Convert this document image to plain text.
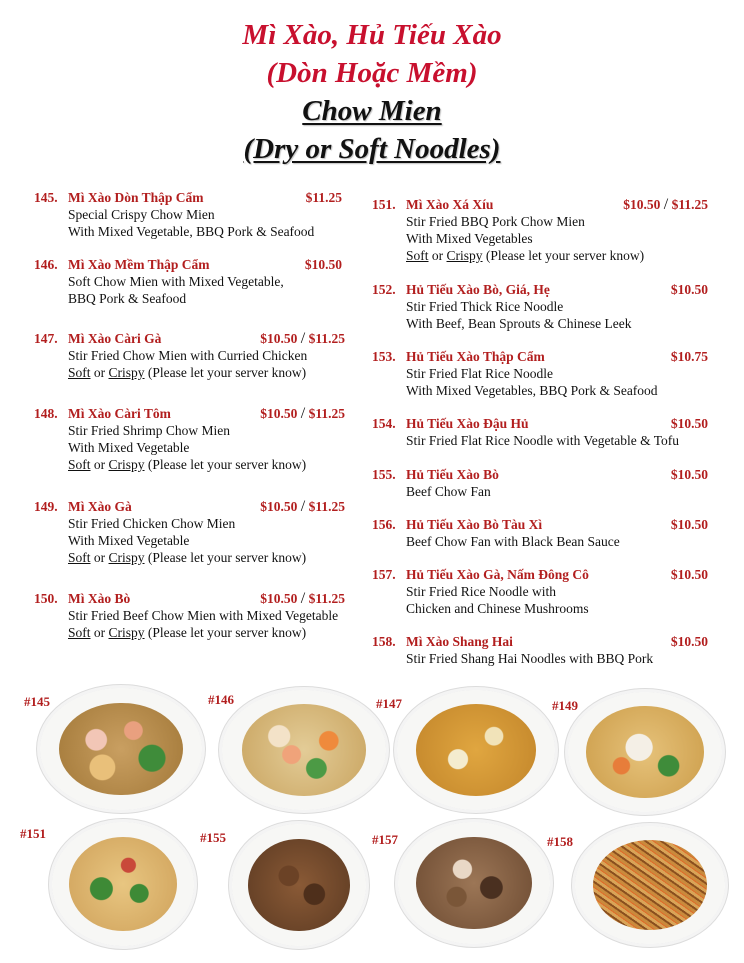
Mì Xào, Hủ Tiếu Xào
(Dòn Hoặc Mềm)
Chow Mien
(Dry or Soft Noodles)
145. Mì Xào Dòn Thập Cẩm	$11.25
Special Crispy Chow Mien
With Mixed Vegetable, BBQ Pork & Seafood
146. Mì Xào Mềm Thập Cẩm	$10.50
Soft Chow Mien with Mixed Vegetable,
BBQ Pork & Seafood
147. Mì Xào Càri Gà	$10.50 / $11.25
Stir Fried Chow Mien with Curried Chicken
Soft or Crispy (Please let your server know)
148. Mì Xào Càri Tôm	$10.50 / $11.25
Stir Fried Shrimp Chow Mien
With Mixed Vegetable
Soft or Crispy (Please let your server know)
149. Mì Xào Gà	$10.50 / $11.25
Stir Fried Chicken Chow Mien
With Mixed Vegetable
Soft or Crispy (Please let your server know)
150. Mì Xào Bò	$10.50 / $11.25
Stir Fried Beef Chow Mien with Mixed Vegetable
Soft or Crispy (Please let your server know)
151. Mì Xào Xá Xíu	$10.50 / $11.25
Stir Fried BBQ Pork Chow Mien
With Mixed Vegetables
Soft or Crispy (Please let your server know)
152. Hủ Tiếu Xào Bò, Giá, Hẹ	$10.50
Stir Fried Thick Rice Noodle
With Beef, Bean Sprouts & Chinese Leek
153. Hủ Tiếu Xào Thập Cẩm	$10.75
Stir Fried Flat Rice Noodle
With Mixed Vegetables, BBQ Pork & Seafood
154. Hủ Tiếu Xào Đậu Hủ	$10.50
Stir Fried Flat Rice Noodle with Vegetable & Tofu
155. Hủ Tiếu Xào Bò	$10.50
Beef Chow Fan
156. Hủ Tiếu Xào Bò Tàu Xì	$10.50
Beef Chow Fan with Black Bean Sauce
157. Hủ Tiếu Xào Gà, Nấm Đông Cô	$10.50
Stir Fried Rice Noodle with
Chicken and Chinese Mushrooms
158. Mì Xào Shang Hai	$10.50
Stir Fried Shang Hai Noodles with BBQ Pork
#145	#146	#147	#149
#151	#155	#157	#158
